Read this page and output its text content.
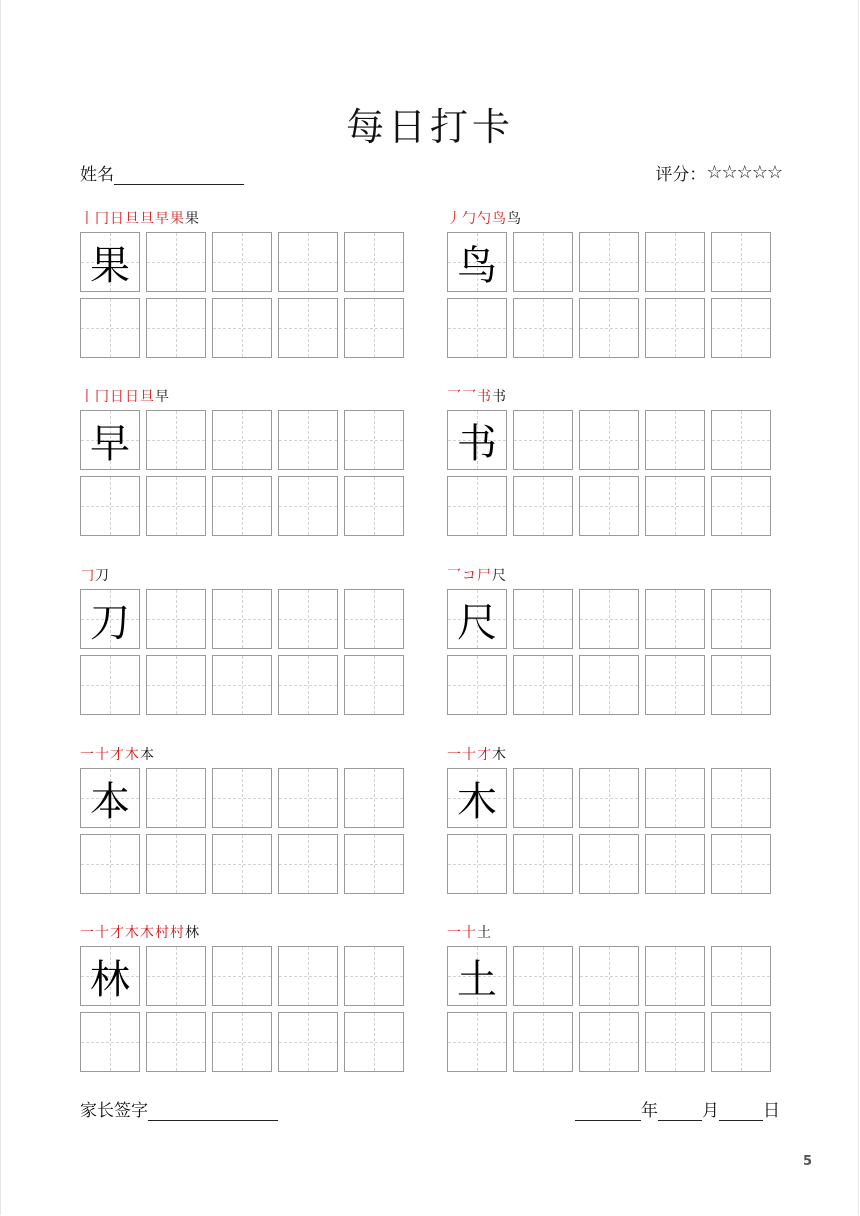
每日打卡
姓名	评分： ☆☆☆☆☆
丨冂日旦旦早果果
果
丿勹勺鸟鸟
鸟
丨冂日日旦早
早
乛乛书书
书
𠃌刀
刀
乛コ尸尺
尺
一十才木本
本
一十才木
木
一十才木木村村林
林
一十土
土
家长签字	年	月	日
5
